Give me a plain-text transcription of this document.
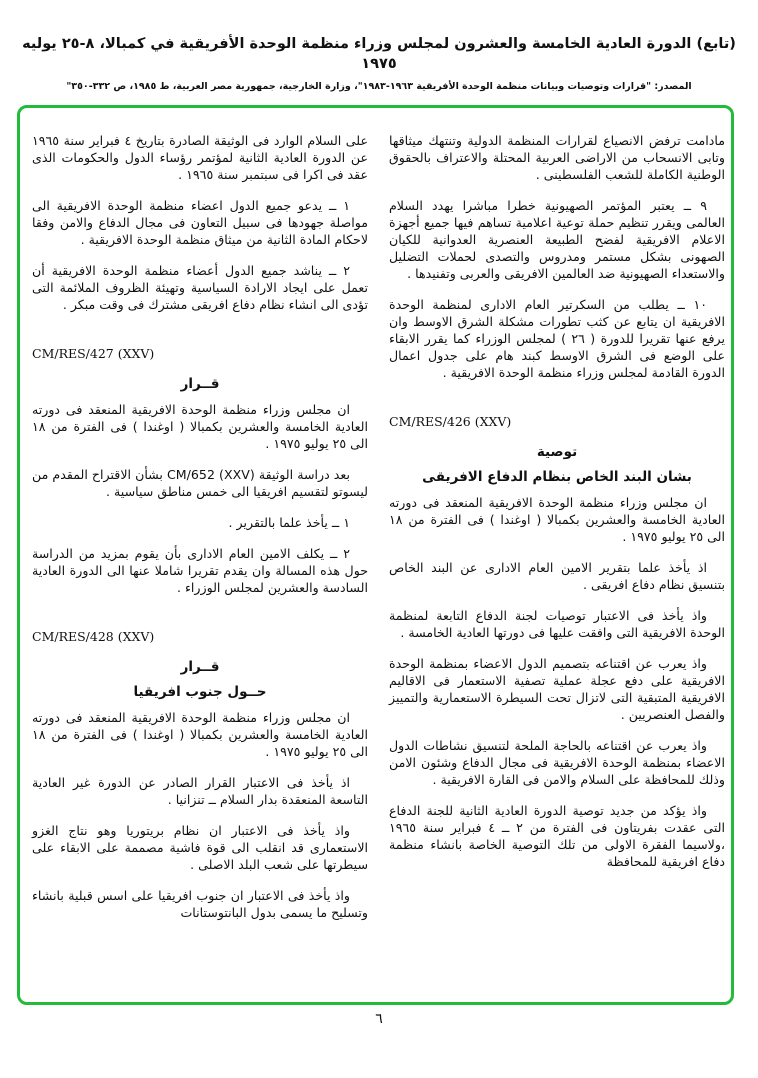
(تابع) الدورة العادية الخامسة والعشرون لمجلس وزراء منظمة الوحدة الأفريقية في كمبالا، ٨-٢٥ يوليه ١٩٧٥
المصدر: "قرارات وتوصيات وبيانات منظمة الوحدة الأفريقية ١٩٦٣-١٩٨٣"، وزارة الخارجية، جمهورية مصر العربية، ط ١٩٨٥، ص ٣٣٢-٣٥٠"
مادامت ترفض الانصياع لقرارات المنظمة الدولية وتنتهك ميثاقها وتابى الانسحاب من الاراضى العربية المحتلة والاعتراف بالحقوق الوطنية الكاملة للشعب الفلسطينى .
٩ ــ يعتبر المؤتمر الصهيونية خطرا مباشرا يهدد السلام العالمى ويقرر تنظيم حملة توعية اعلامية تساهم فيها جميع أجهزة الاعلام الافريقية لفضح الطبيعة العنصرية العدوانية للكيان الصهونى بشكل مستمر ومدروس والتصدى لحملات التضليل والاستعداء الصهيونية ضد العالمين الافريقى والعربى وتفنيدها .
١٠ ــ يطلب من السكرتير العام الادارى لمنظمة الوحدة الافريقية ان يتابع عن كثب تطورات مشكلة الشرق الاوسط وان يرفع عنها تقريرا للدورة ( ٢٦ ) لمجلس الوزراء كما يقرر الابقاء على الوضع فى الشرق الاوسط كبند هام على جدول اعمال الدورة القادمة لمجلس وزراء منظمة الوحدة الافريقية .
CM/RES/426 (XXV)
توصية
بشان البند الخاص بنظام الدفاع الافريقى
ان مجلس وزراء منظمة الوحدة الافريقية المنعقد فى دورته العادية الخامسة والعشرين بكمبالا ( اوغندا ) فى الفترة من ١٨ الى ٢٥ يوليو ١٩٧٥ .
اذ يأخذ علما بتقرير الامين العام الادارى عن البند الخاص بتنسيق نظام دفاع افريقى .
واذ يأخذ فى الاعتبار توصيات لجنة الدفاع التابعة لمنظمة الوحدة الافريقية التى وافقت عليها فى دورتها العادية الخامسة .
واذ يعرب عن اقتناعه بتصميم الدول الاعضاء بمنظمة الوحدة الافريقية على دفع عجلة عملية تصفية الاستعمار فى الاقاليم الافريقية المتبقية التى لاتزال تحت السيطرة الاستعمارية والتمييز والفصل العنصريين .
واذ يعرب عن اقتناعه بالحاجة الملحة لتنسيق نشاطات الدول الاعضاء بمنظمة الوحدة الافريقية فى مجال الدفاع وشئون الامن وذلك للمحافظة على السلام والامن فى القارة الافريقية .
واذ يؤكد من جديد توصية الدورة العادية الثانية للجنة الدفاع التى عقدت بفريتاون فى الفترة من ٢ ــ ٤ فبراير سنة ١٩٦٥ ،ولاسيما الفقرة الاولى من تلك التوصية الخاصة بانشاء منظمة دفاع افريقية للمحافظة
على السلام الوارد فى الوثيقة الصادرة بتاريخ ٤ فبراير سنة ١٩٦٥ عن الدورة العادية الثانية لمؤتمر رؤساء الدول والحكومات الذى عقد فى اكرا فى سبتمبر سنة ١٩٦٥ .
١ ــ يدعو جميع الدول اعضاء منظمة الوحدة الافريقية الى مواصلة جهودها فى سبيل التعاون فى مجال الدفاع والامن وفقا لاحكام المادة الثانية من ميثاق منظمة الوحدة الافريقية .
٢ ــ يناشد جميع الدول أعضاء منظمة الوحدة الافريقية أن تعمل على ايجاد الارادة السياسية وتهيئة الظروف الملائمة التى تؤدى الى انشاء نظام دفاع افريقى مشترك فى وقت مبكر .
CM/RES/427 (XXV)
قــرار
ان مجلس وزراء منظمة الوحدة الافريقية المنعقد فى دورته العادية الخامسة والعشرين بكمبالا ( اوغندا ) فى الفترة من ١٨ الى ٢٥ يوليو ١٩٧٥ .
بعد دراسة الوثيقة CM/652 (XXV) بشأن الاقتراح المقدم من ليسوتو لتقسيم افريقيا الى خمس مناطق سياسية .
١ ــ يأخذ علما بالتقرير .
٢ ــ يكلف الامين العام الادارى بأن يقوم بمزيد من الدراسة حول هذه المسالة وان يقدم تقريرا شاملا عنها الى الدورة العادية السادسة والعشرين لمجلس الوزراء .
CM/RES/428 (XXV)
قــرار
حــول جنوب افريقيا
ان مجلس وزراء منظمة الوحدة الافريقية المنعقد فى دورته العادية الخامسة والعشرين بكمبالا ( اوغندا ) فى الفترة من ١٨ الى ٢٥ يوليو ١٩٧٥ .
اذ يأخذ فى الاعتبار القرار الصادر عن الدورة غير العادية التاسعة المنعقدة بدار السلام ــ تنزانيا .
واذ يأخذ فى الاعتبار ان نظام بريتوريا وهو نتاج الغزو الاستعمارى قد انقلب الى قوة فاشية مصممة على الابقاء على سيطرتها على شعب البلد الاصلى .
واذ يأخذ فى الاعتبار ان جنوب افريقيا على اسس قبلية بانشاء وتسليح ما يسمى بدول البانتوستانات
٦
